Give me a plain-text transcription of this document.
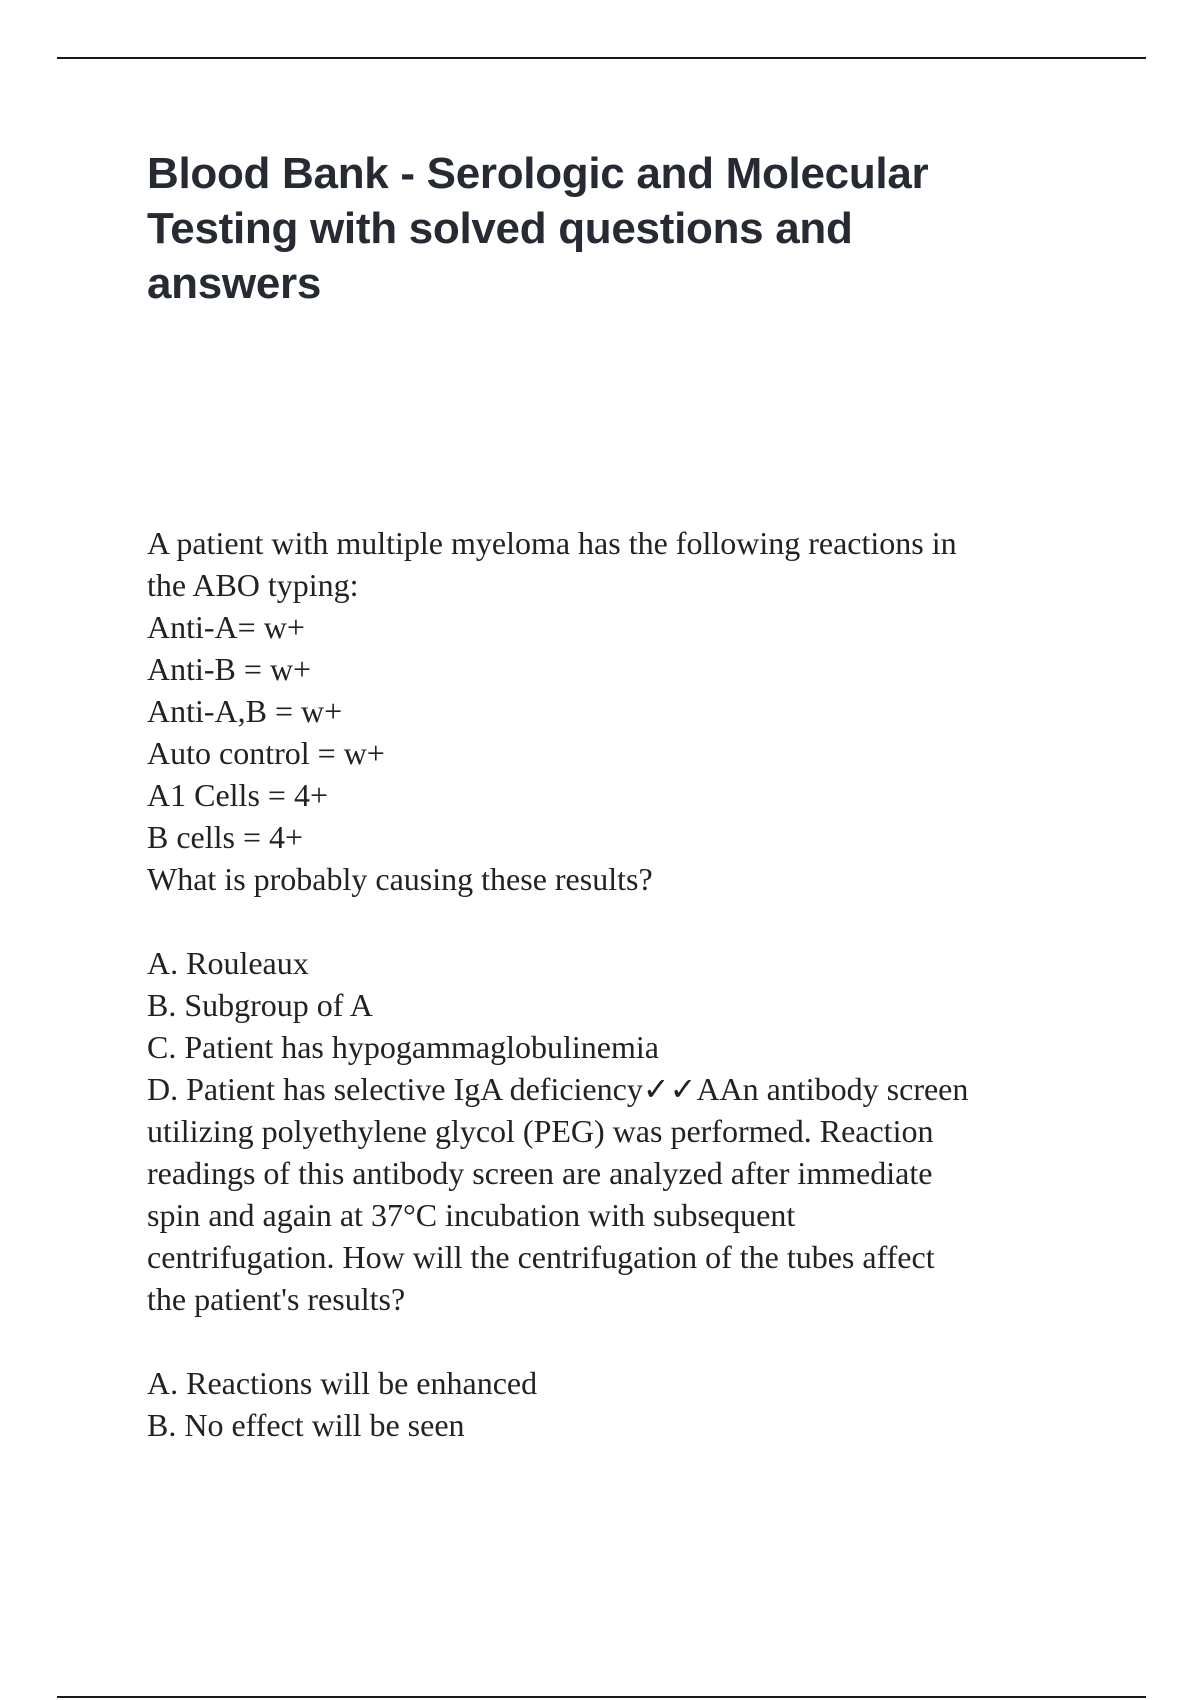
Blood Bank - Serologic and Molecular
Testing with solved questions and
answers
A patient with multiple myeloma has the following reactions in
the ABO typing:
Anti-A= w+
Anti-B = w+
Anti-A,B = w+
Auto control = w+
A1 Cells = 4+
B cells = 4+
What is probably causing these results?
A. Rouleaux
B. Subgroup of A
C. Patient has hypogammaglobulinemia
D. Patient has selective IgA deficiency✓✓AAn antibody screen
utilizing polyethylene glycol (PEG) was performed. Reaction
readings of this antibody screen are analyzed after immediate
spin and again at 37°C incubation with subsequent
centrifugation. How will the centrifugation of the tubes affect
the patient's results?
A. Reactions will be enhanced
B. No effect will be seen
